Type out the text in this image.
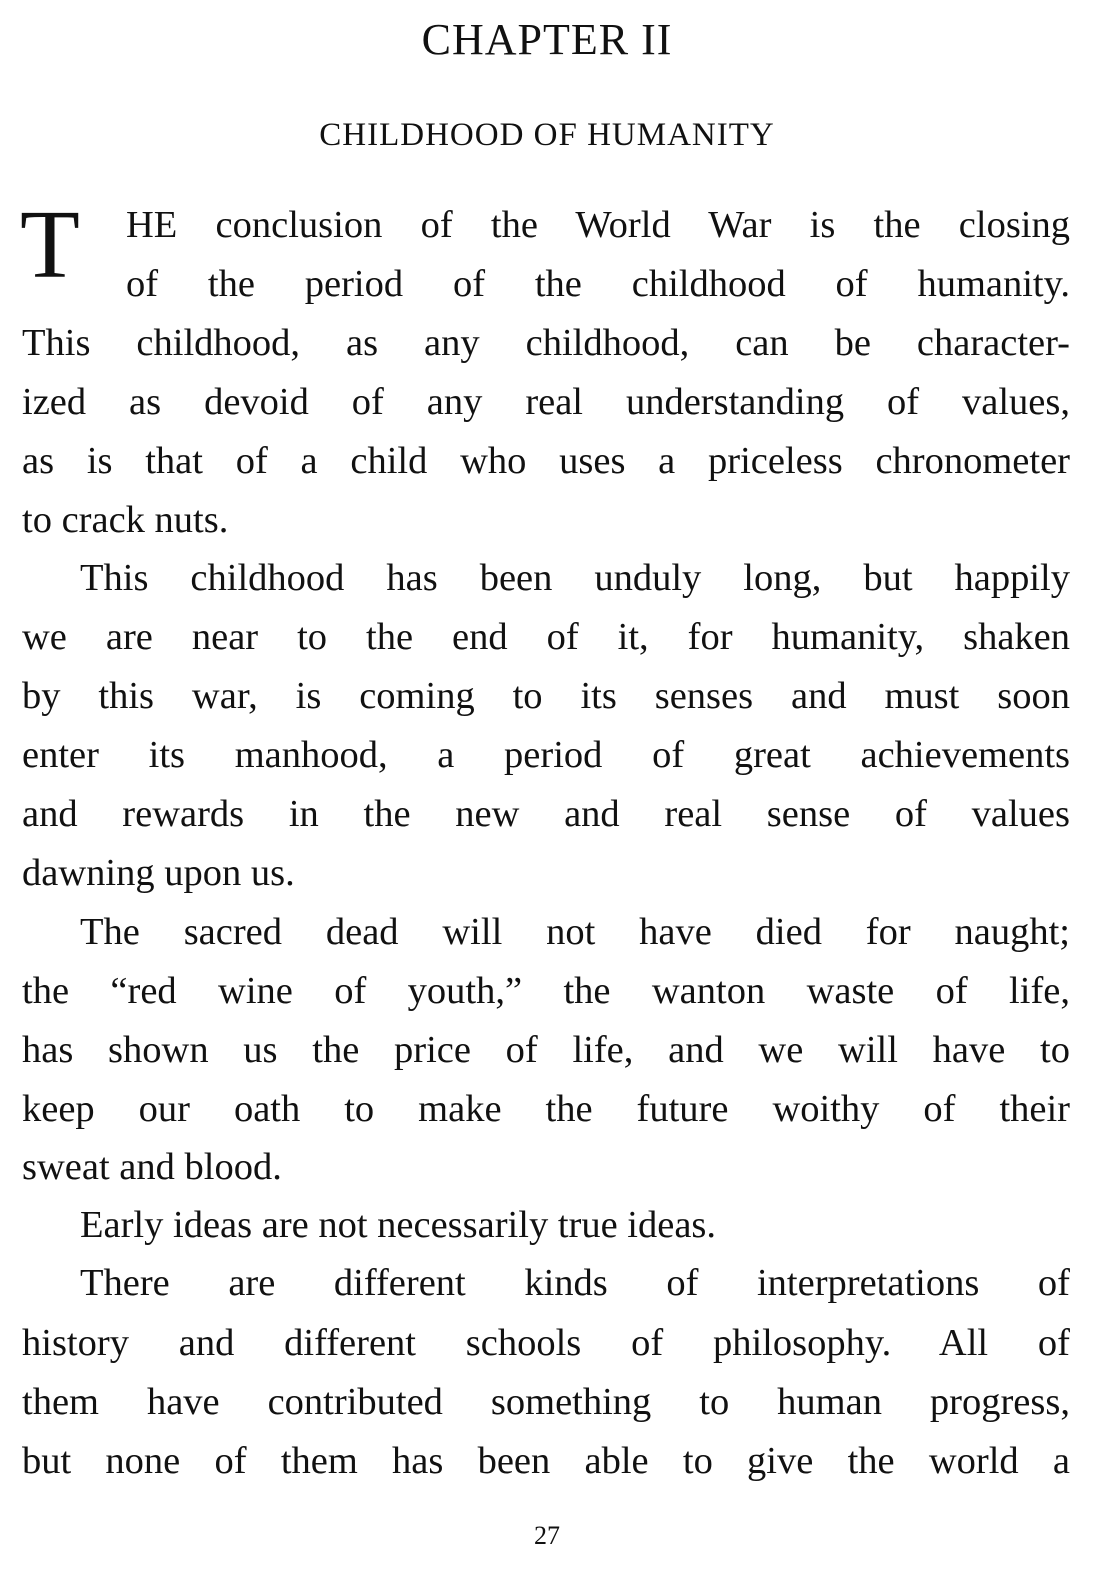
CHAPTER II
CHILDHOOD OF HUMANITY
T HE conclusion of the World War is the closing
of the period of the childhood of humanity.
This childhood, as any childhood, can be character-
ized as devoid of any real understanding of values,
as is that of a child who uses a priceless chronometer
to crack nuts.
This childhood has been unduly long, but happily
we are near to the end of it, for humanity, shaken
by this war, is coming to its senses and must soon
enter its manhood, a period of great achievements
and rewards in the new and real sense of values
dawning upon us.
The sacred dead will not have died for naught;
the “red wine of youth,” the wanton waste of life,
has shown us the price of life, and we will have to
keep our oath to make the future woithy of their
sweat and blood.
Early ideas are not necessarily true ideas.
There are different kinds of interpretations of
history and different schools of philosophy. All of
them have contributed something to human progress,
but none of them has been able to give the world a
27
